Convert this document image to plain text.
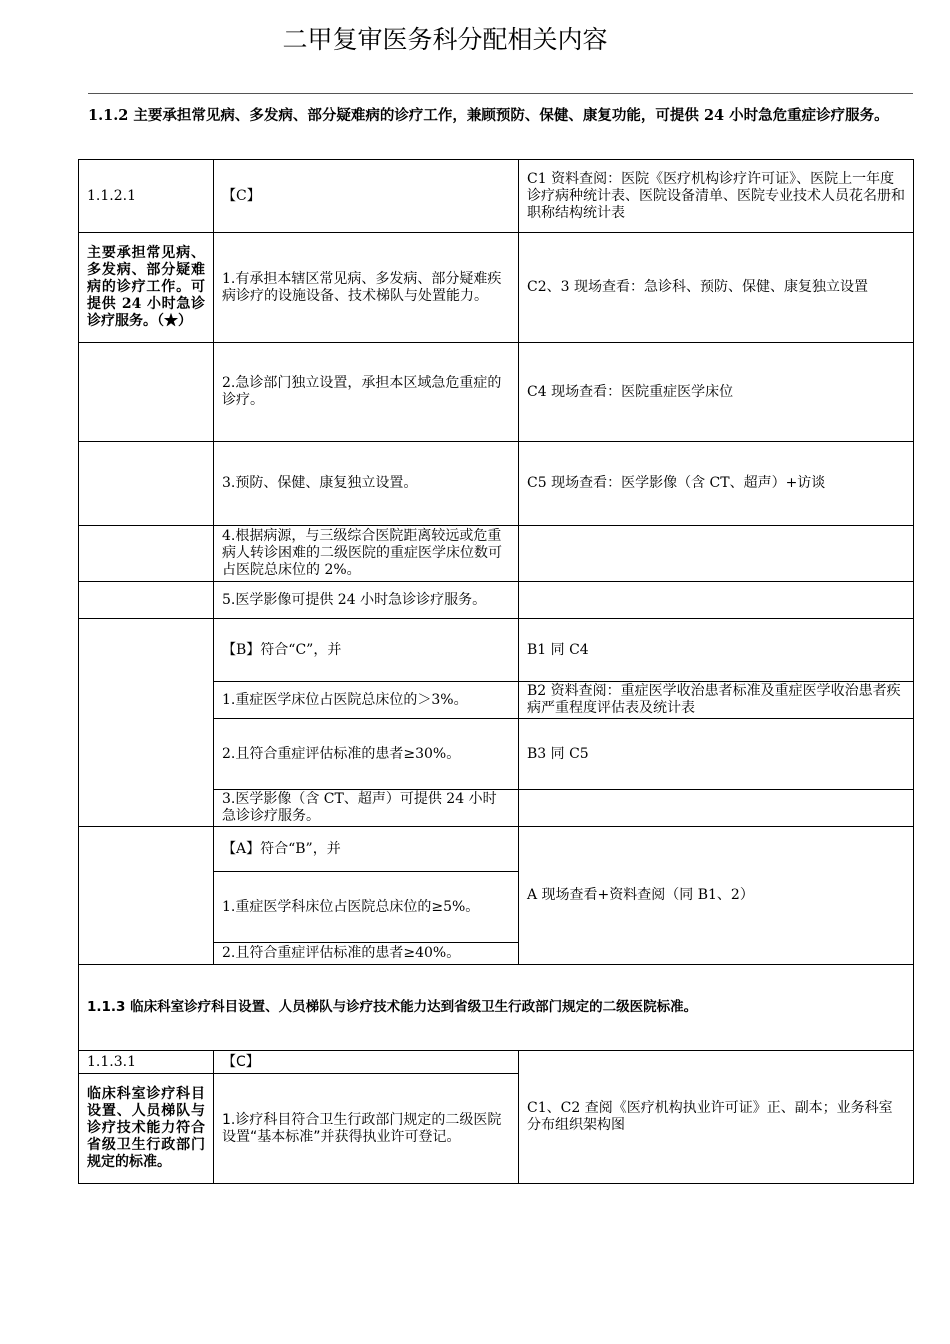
二甲复审医务科分配相关内容
1.1.2 主要承担常见病、多发病、部分疑难病的诊疗工作，兼顾预防、保健、康复功能，可提供 24 小时急危重症诊疗服务。
1.1.2.1	【C】	C1 资料查阅：医院《医疗机构诊疗许可证》、医院上一年度诊疗病种统计表、医院设备清单、医院专业技术人员花名册和职称结构统计表
主要承担常见病、多发病、部分疑难病的诊疗工作。可提供 24 小时急诊诊疗服务。（★）	1.有承担本辖区常见病、多发病、部分疑难疾病诊疗的设施设备、技术梯队与处置能力。	C2、3 现场查看：急诊科、预防、保健、康复独立设置
	2.急诊部门独立设置，承担本区域急危重症的诊疗。	C4 现场查看：医院重症医学床位
	3.预防、保健、康复独立设置。	C5 现场查看：医学影像（含 CT、超声）+访谈
	4.根据病源，与三级综合医院距离较远或危重病人转诊困难的二级医院的重症医学床位数可占医院总床位的 2%。	
	5.医学影像可提供 24 小时急诊诊疗服务。	
	【B】符合“C”，并	B1 同 C4
	1.重症医学床位占医院总床位的＞3%。	B2 资料查阅：重症医学收治患者标准及重症医学收治患者疾病严重程度评估表及统计表
	2.且符合重症评估标准的患者≥30%。	B3 同 C5
	3.医学影像（含 CT、超声）可提供 24 小时急诊诊疗服务。	
	【A】符合“B”，并	A 现场查看+资料查阅（同 B1、2）
	1.重症医学科床位占医院总床位的≥5%。	
	2.且符合重症评估标准的患者≥40%。	
1.1.3 临床科室诊疗科目设置、人员梯队与诊疗技术能力达到省级卫生行政部门规定的二级医院标准。		
1.1.3.1	【C】	C1、C2 查阅《医疗机构执业许可证》正、副本；业务科室分布组织架构图
临床科室诊疗科目设置、人员梯队与诊疗技术能力符合省级卫生行政部门规定的标准。	1.诊疗科目符合卫生行政部门规定的二级医院设置“基本标准”并获得执业许可登记。	
